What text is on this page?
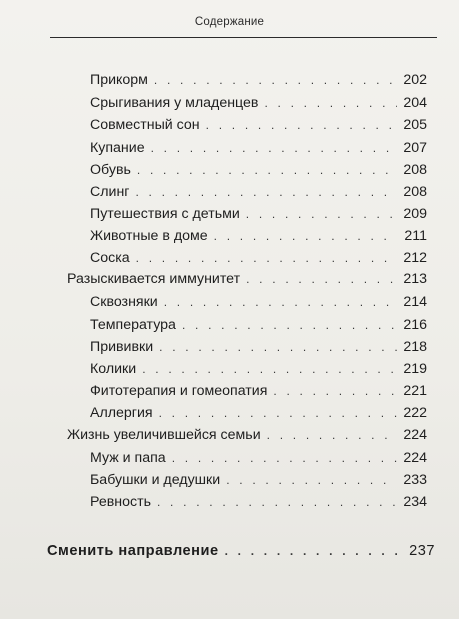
Содержание
Прикорм . . .	202
Срыгивания у младенцев . . .	204
Совместный сон . . .	205
Купание . . .	207
Обувь . . .	208
Слинг . . .	208
Путешествия с детьми . . .	209
Животные в доме . . .	211
Соска . . .	212
Разыскивается иммунитет . . .	213
Сквозняки . . .	214
Температура . . .	216
Прививки . . .	218
Колики . . .	219
Фитотерапия и гомеопатия . . .	221
Аллергия . . .	222
Жизнь увеличившейся семьи . . .	224
Муж и папа . . .	224
Бабушки и дедушки . . .	233
Ревность . . .	234
Сменить направление . . .	237
